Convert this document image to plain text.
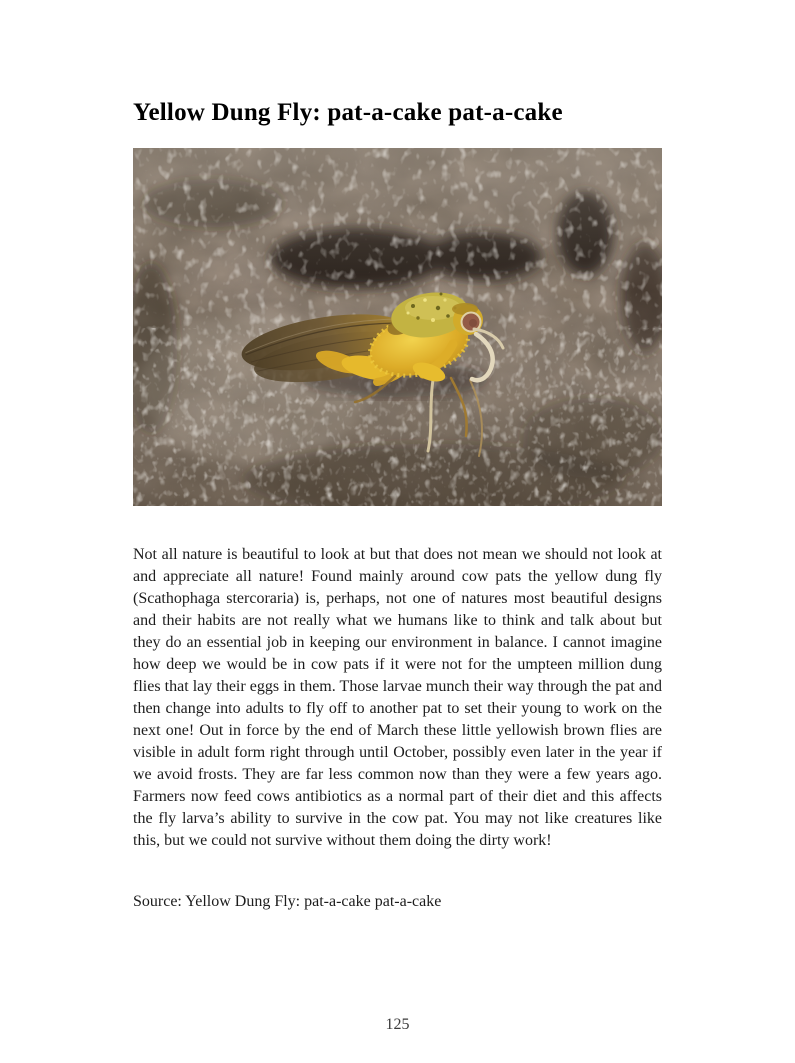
Yellow Dung Fly: pat-a-cake pat-a-cake

Not all nature is beautiful to look at but that does not mean we should not look at and appreciate all nature! Found mainly around cow pats the yellow dung fly (Scathophaga stercoraria) is, perhaps, not one of natures most beautiful designs and their habits are not really what we humans like to think and talk about but they do an essential job in keeping our environment in balance. I cannot imagine how deep we would be in cow pats if it were not for the umpteen million dung flies that lay their eggs in them. Those larvae munch their way through the pat and then change into adults to fly off to another pat to set their young to work on the next one! Out in force by the end of March these little yellowish brown flies are visible in adult form right through until October, possibly even later in the year if we avoid frosts. They are far less common now than they were a few years ago. Farmers now feed cows antibiotics as a normal part of their diet and this affects the fly larva’s ability to survive in the cow pat. You may not like creatures like this, but we could not survive without them doing the dirty work!

Source: Yellow Dung Fly: pat-a-cake pat-a-cake

125
